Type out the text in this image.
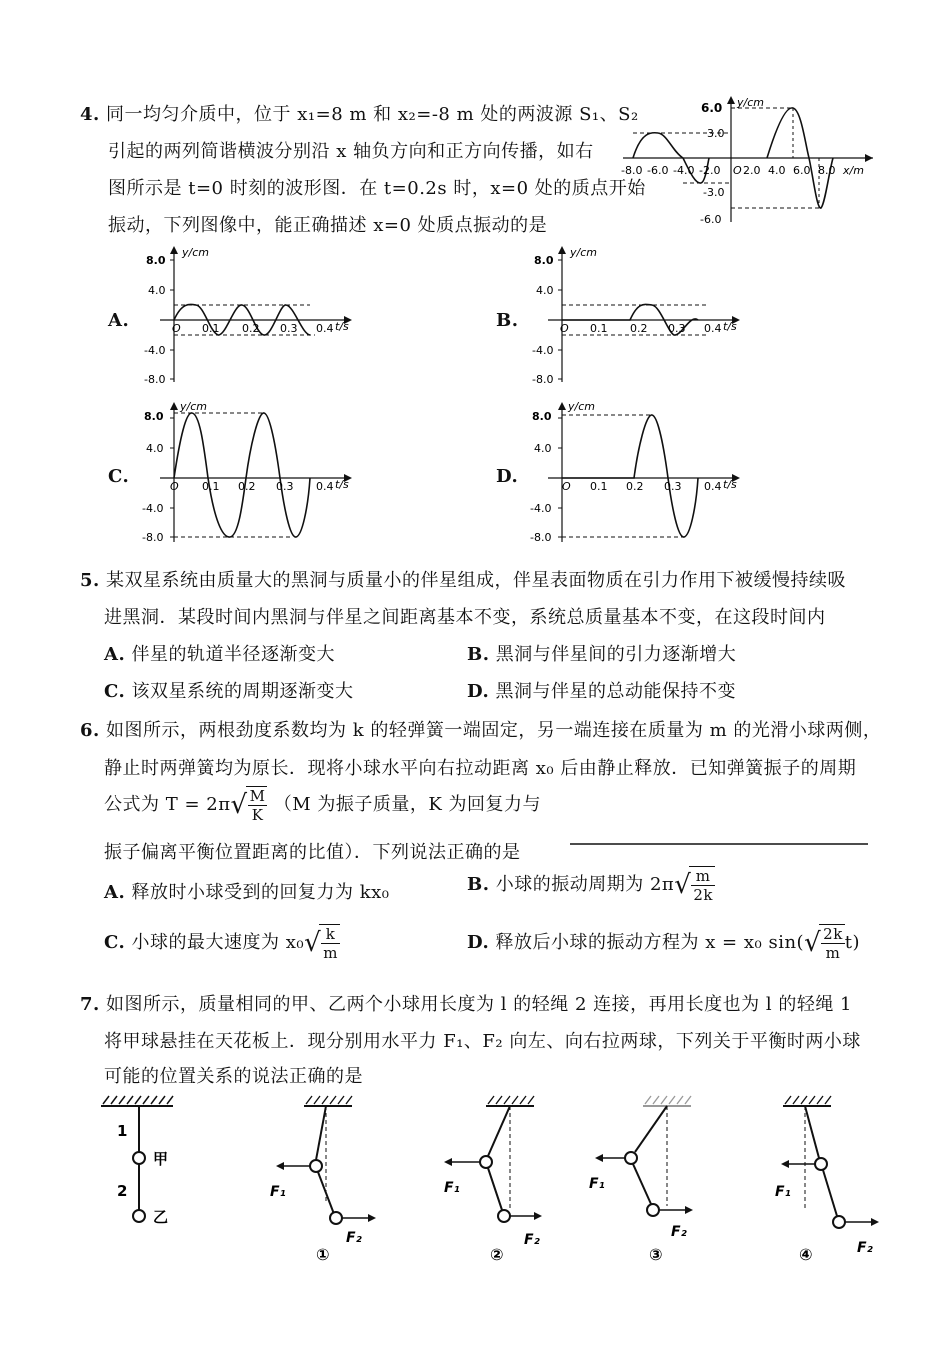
4. 同一均匀介质中，位于 x₁=8 m 和 x₂=-8 m 处的两波源 S₁、S₂
引起的两列简谐横波分别沿 x 轴负方向和正方向传播，如右
图所示是 t=0 时刻的波形图．在 t=0.2s 时，x=0 处的质点开始
振动，下列图像中，能正确描述 x=0 处质点振动的是
y/cm
6.0
3.0
-3.0
-6.0
-8.0 -6.0 -4.0 -2.0 O 2.0 4.0 6.0 8.0 x/m
A.
y/cm
8.0
4.0
-4.0
-8.0
O 0.1 0.2 0.3 0.4 t/s	B.
y/cm
8.0
4.0
-4.0
-8.0
O 0.1 0.2 0.3 0.4 t/s
C.
y/cm
8.0
4.0
-4.0
-8.0
O 0.1 0.2 0.3 0.4 t/s	D.
y/cm
8.0
4.0
-4.0
-8.0
O 0.1 0.2 0.3 0.4 t/s
5. 某双星系统由质量大的黑洞与质量小的伴星组成，伴星表面物质在引力作用下被缓慢持续吸
进黑洞．某段时间内黑洞与伴星之间距离基本不变，系统总质量基本不变，在这段时间内
A. 伴星的轨道半径逐渐变大	B. 黑洞与伴星间的引力逐渐增大
C. 该双星系统的周期逐渐变大	D. 黑洞与伴星的总动能保持不变
6. 如图所示，两根劲度系数均为 k 的轻弹簧一端固定，另一端连接在质量为 m 的光滑小球两侧，
静止时两弹簧均为原长．现将小球水平向右拉动距离 x₀ 后由静止释放．已知弹簧振子的周期
公式为 $T = 2\pi√ \frac{M}{K} (M$ 为振子质量，K 为回复力与
振子偏离平衡位置距离的比值）．下列说法正确的是
A. 释放时小球受到的回复力为 kx₀	B. 小球的振动周期为 $2\pi√ \frac{m}{2k}$
C. 小球的最大速度为 $x_0√ \frac{k}{m}$	D. 释放后小球的振动方程为 x = x₀ $\sin(√ \frac{2k}{m} t)$
7. 如图所示，质量相同的甲、乙两个小球用长度为 l 的轻绳 2 连接，再用长度也为 l 的轻绳 1
将甲球悬挂在天花板上．现分别用水平力 F₁、F₂ 向左、向右拉两球，下列关于平衡时两小球
可能的位置关系的说法正确的是
1
2
甲
乙
F₁
F₂
①
F₁
F₂
②
F₁
F₂
③
F₁
F₂
④
